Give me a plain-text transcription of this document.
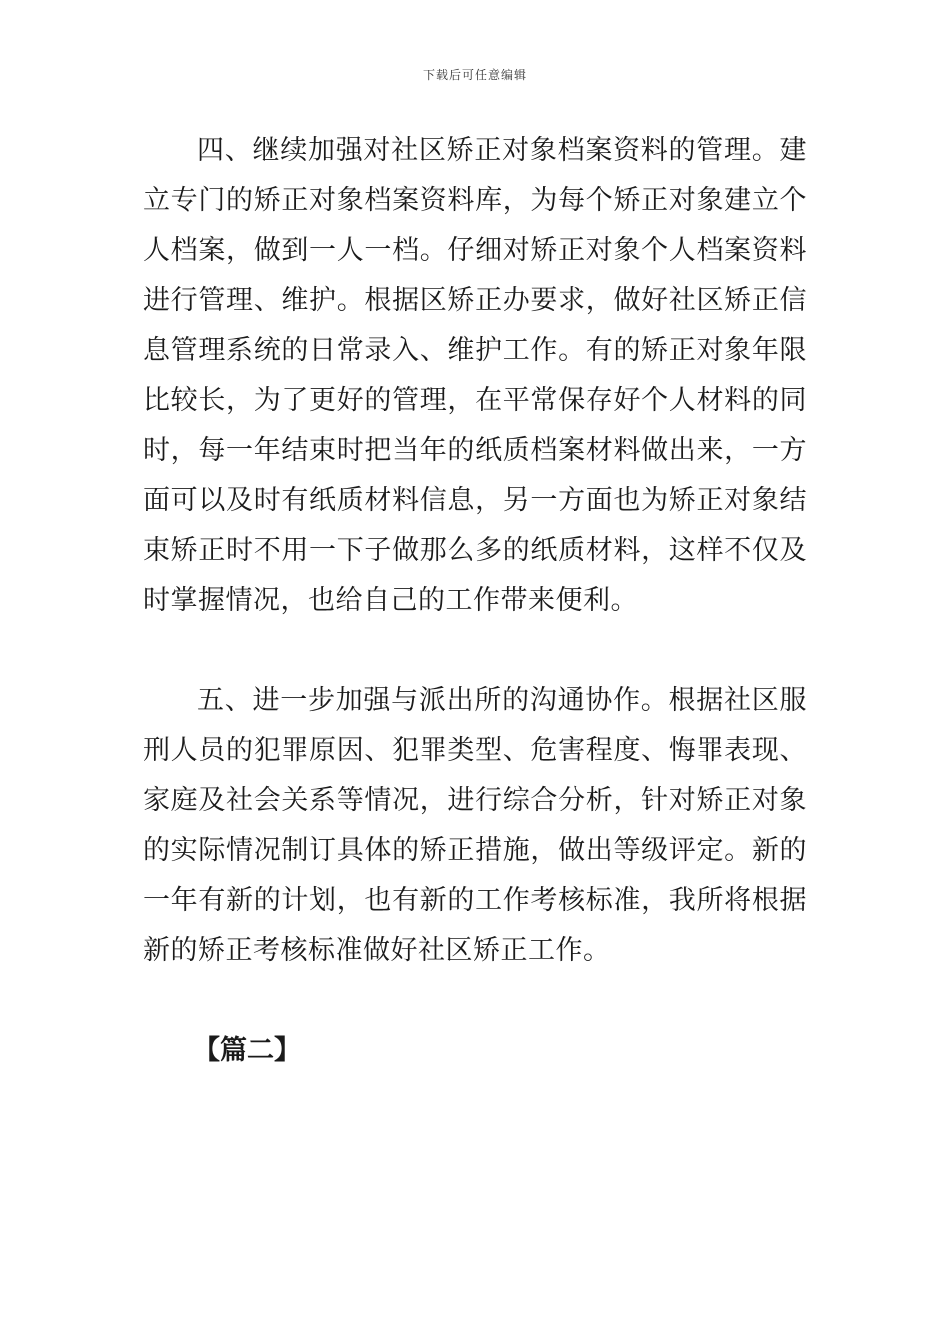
下载后可任意编辑

四、继续加强对社区矫正对象档案资料的管理。建立专门的矫正对象档案资料库，为每个矫正对象建立个人档案，做到一人一档。仔细对矫正对象个人档案资料进行管理、维护。根据区矫正办要求，做好社区矫正信息管理系统的日常录入、维护工作。有的矫正对象年限比较长，为了更好的管理，在平常保存好个人材料的同时，每一年结束时把当年的纸质档案材料做出来，一方面可以及时有纸质材料信息，另一方面也为矫正对象结束矫正时不用一下子做那么多的纸质材料，这样不仅及时掌握情况，也给自己的工作带来便利。

五、进一步加强与派出所的沟通协作。根据社区服刑人员的犯罪原因、犯罪类型、危害程度、悔罪表现、家庭及社会关系等情况，进行综合分析，针对矫正对象的实际情况制订具体的矫正措施，做出等级评定。新的一年有新的计划，也有新的工作考核标准，我所将根据新的矫正考核标准做好社区矫正工作。

【篇二】
